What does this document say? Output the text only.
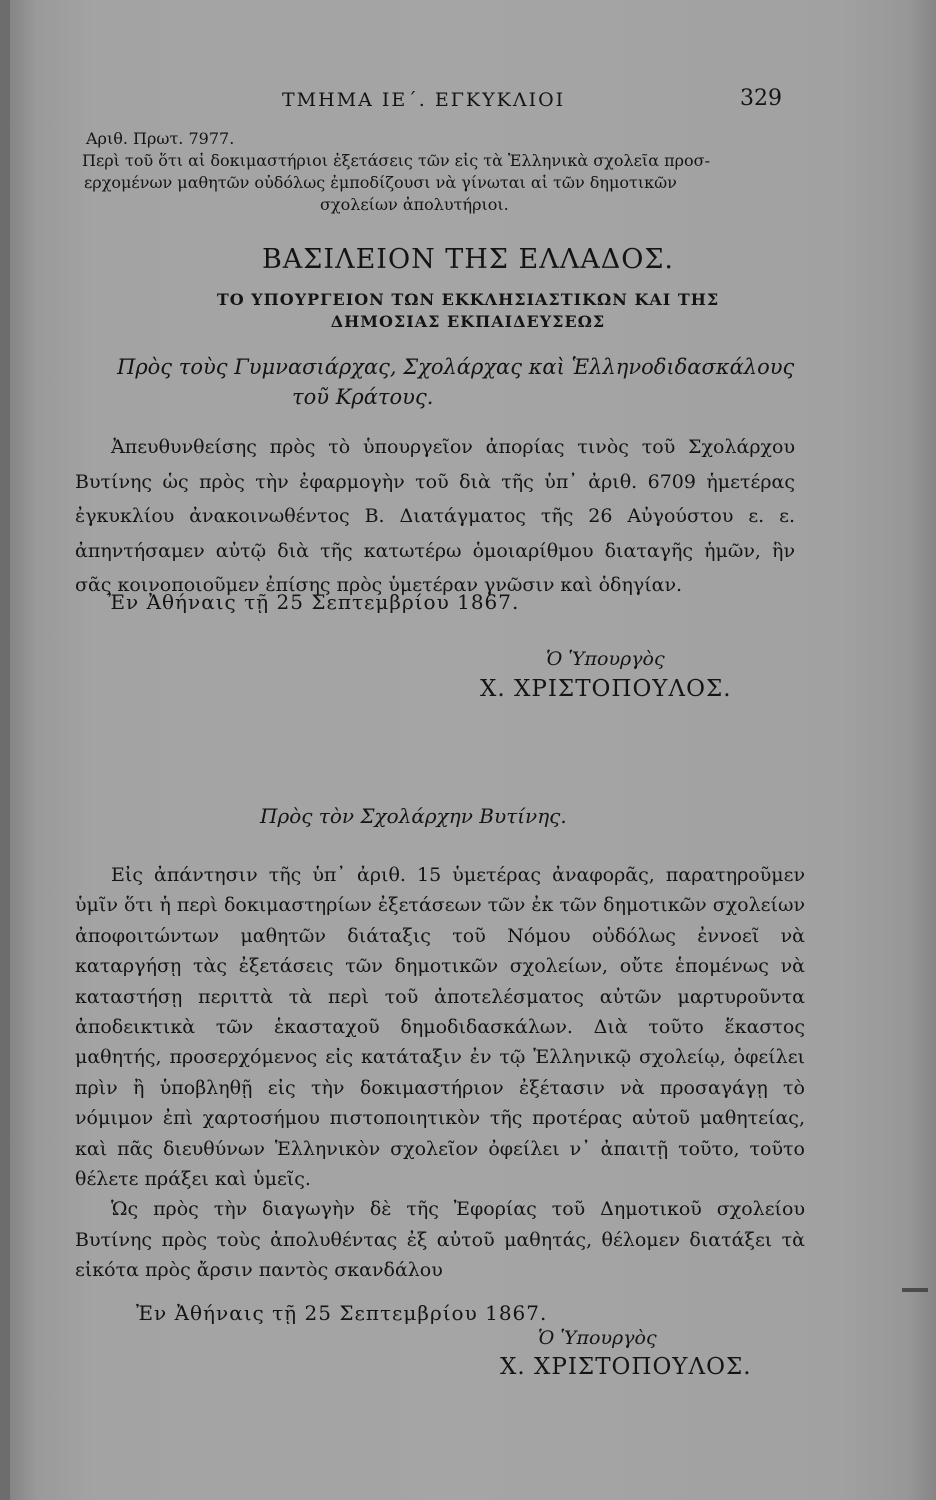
ΤΜΗΜΑ ΙΕ΄. ΕΓΚΥΚΛΙΟΙ	329
Αριθ. Πρωτ. 7977.
Περὶ τοῦ ὅτι αἱ δοκιμαστήριοι ἐξετάσεις τῶν εἰς τὰ Ἑλληνικὰ σχολεῖα προσ-
ερχομένων μαθητῶν οὐδόλως ἐμποδίζουσι νὰ γίνωται αἱ τῶν δημοτικῶν
σχολείων ἀπολυτήριοι.
ΒΑΣΙΛΕΙΟΝ ΤΗΣ ΕΛΛΑΔΟΣ.
ΤΟ ΥΠΟΥΡΓΕΙΟΝ ΤΩΝ ΕΚΚΛΗΣΙΑΣΤΙΚΩΝ ΚΑΙ ΤΗΣ
ΔΗΜΟΣΙΑΣ ΕΚΠΑΙΔΕΥΣΕΩΣ
Πρὸς τοὺς Γυμνασιάρχας, Σχολάρχας καὶ Ἑλληνοδιδασκάλους
τοῦ Κράτους.

Ἀπευθυνθείσης πρὸς τὸ ὑπουργεῖον ἀπορίας τινὸς τοῦ Σχολάρχου Βυτίνης ὡς πρὸς τὴν ἐφαρμογὴν τοῦ διὰ τῆς ὑπ᾽ ἀριθ. 6709 ἡμετέρας ἐγκυκλίου ἀνακοινωθέντος Β. Διατάγματος τῆς 26 Αὐγούστου ε. ε. ἀπηντήσαμεν αὐτῷ διὰ τῆς κατωτέρω ὁμοιαρίθμου διαταγῆς ἡμῶν, ἣν σᾶς κοινοποιοῦμεν ἐπίσης πρὸς ὑμετέραν γνῶσιν καὶ ὁδηγίαν.

Ἐν Ἀθήναις τῇ 25 Σεπτεμβρίου 1867.
Ὁ Ὑπουργὸς
Χ. ΧΡΙΣΤΟΠΟΥΛΟΣ.
Πρὸς τὸν Σχολάρχην Βυτίνης.

Εἰς ἀπάντησιν τῆς ὑπ᾽ ἀριθ. 15 ὑμετέρας ἀναφορᾶς, παρατηροῦμεν ὑμῖν ὅτι ἡ περὶ δοκιμαστηρίων ἐξετάσεων τῶν ἐκ τῶν δημοτικῶν σχολείων ἀποφοιτώντων μαθητῶν διάταξις τοῦ Νόμου οὐδόλως ἐννοεῖ νὰ καταργήσῃ τὰς ἐξετάσεις τῶν δημοτικῶν σχολείων, οὔτε ἑπομένως νὰ καταστήσῃ περιττὰ τὰ περὶ τοῦ ἀποτελέσματος αὐτῶν μαρτυροῦντα ἀποδεικτικὰ τῶν ἑκασταχοῦ δημοδιδασκάλων. Διὰ τοῦτο ἕκαστος μαθητής, προσερχόμενος εἰς κατάταξιν ἐν τῷ Ἑλληνικῷ σχολείῳ, ὀφείλει πρὶν ἢ ὑποβληθῇ εἰς τὴν δοκιμαστήριον ἐξέτασιν νὰ προσαγάγῃ τὸ νόμιμον ἐπὶ χαρτοσήμου πιστοποιητικὸν τῆς προτέρας αὐτοῦ μαθητείας, καὶ πᾶς διευθύνων Ἑλληνικὸν σχολεῖον ὀφείλει ν᾽ ἀπαιτῇ τοῦτο, τοῦτο θέλετε πράξει καὶ ὑμεῖς.

Ὡς πρὸς τὴν διαγωγὴν δὲ τῆς Ἐφορίας τοῦ Δημοτικοῦ σχολείου Βυτίνης πρὸς τοὺς ἀπολυθέντας ἐξ αὐτοῦ μαθητάς, θέλομεν διατάξει τὰ εἰκότα πρὸς ἄρσιν παντὸς σκανδάλου

Ἐν Ἀθήναις τῇ 25 Σεπτεμβρίου 1867.
Ὁ Ὑπουργὸς
Χ. ΧΡΙΣΤΟΠΟΥΛΟΣ.
